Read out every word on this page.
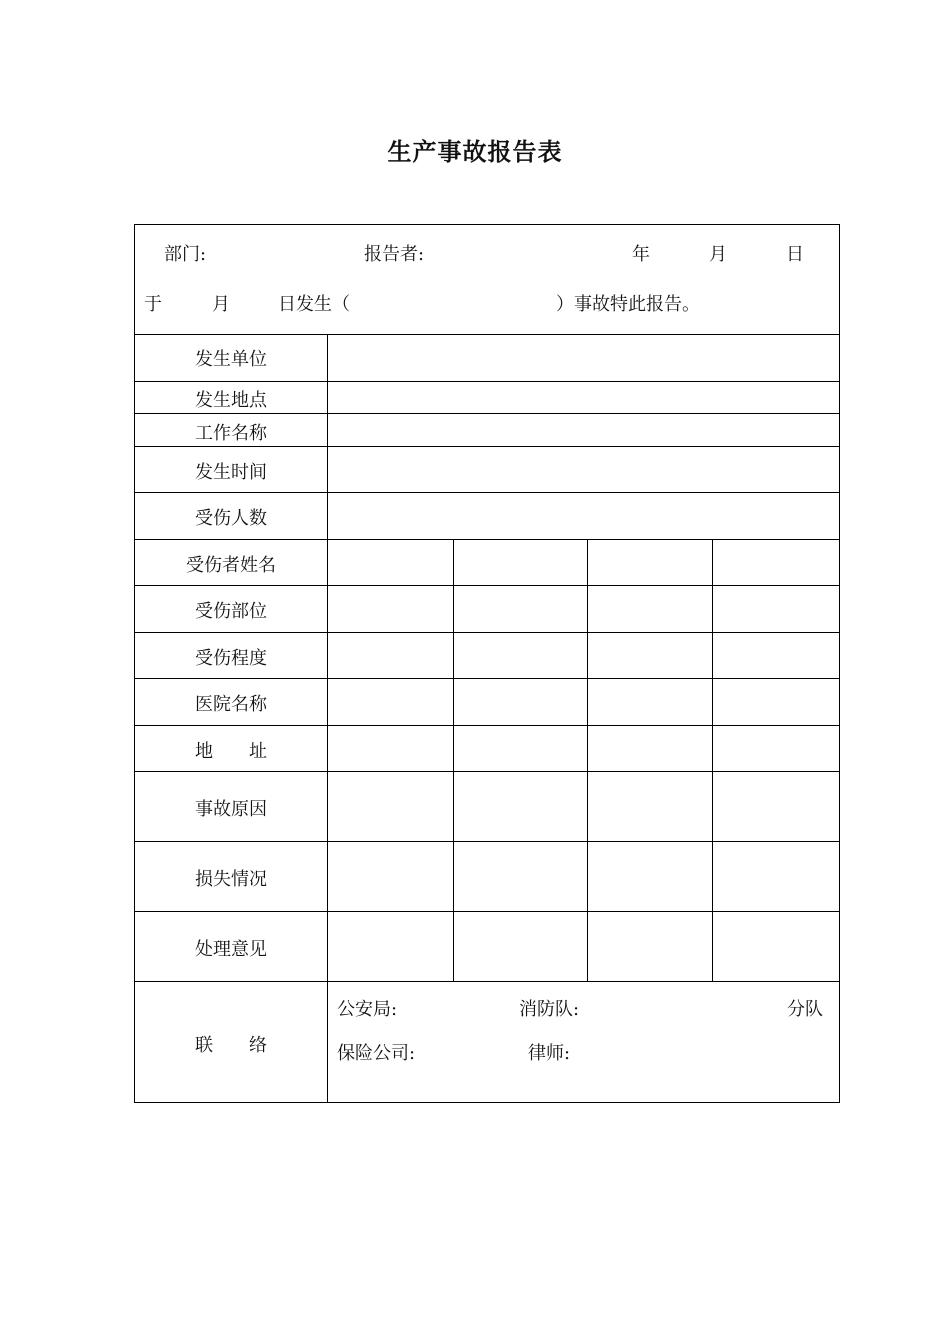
生产事故报告表
部门:	报告者:	年	月	日
于	月	日发生（	）事故特此报告。
发生单位
发生地点
工作名称
发生时间
受伤人数
受伤者姓名
受伤部位
受伤程度
医院名称
地　　址
事故原因
损失情况
处理意见
联　　络
公安局:	消防队:	分队
保险公司:	律师:
